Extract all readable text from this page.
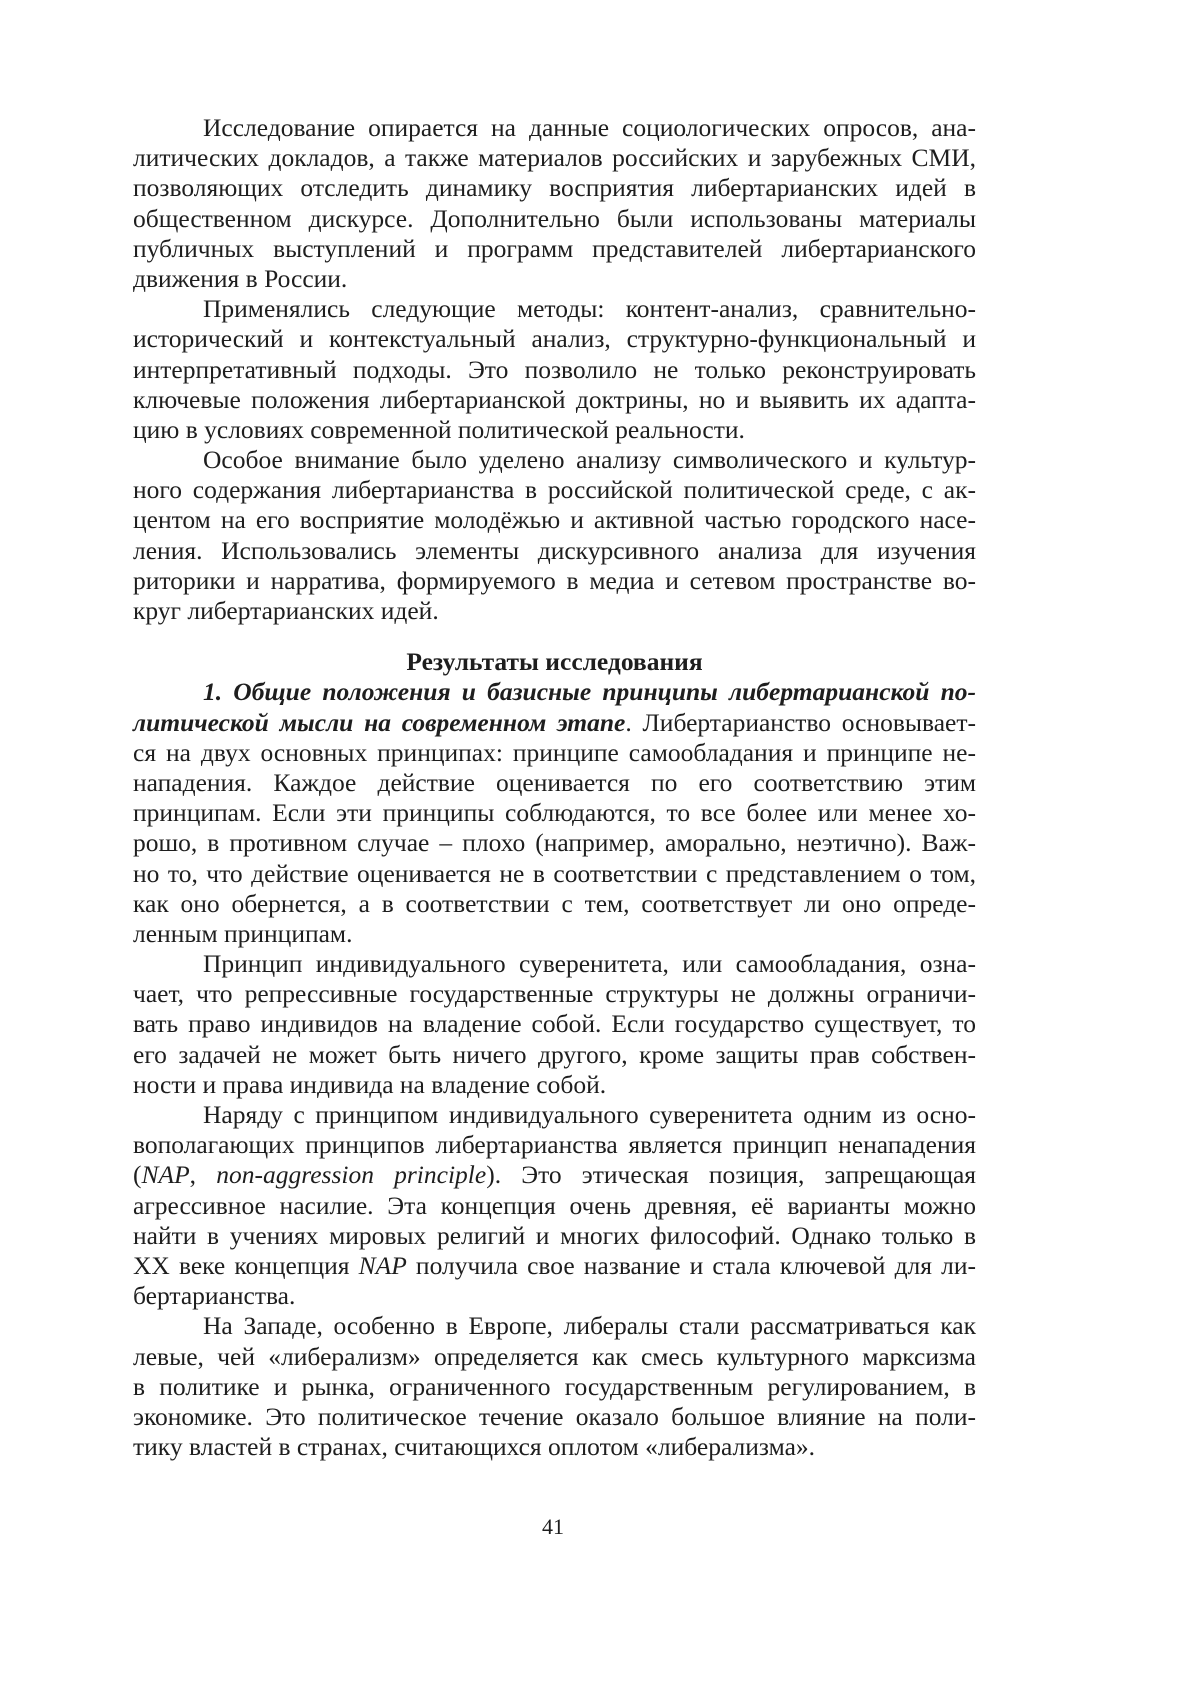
Исследование опирается на данные социологических опросов, ана-
литических докладов, а также материалов российских и зарубежных СМИ,
позволяющих отследить динамику восприятия либертарианских идей в
общественном дискурсе. Дополнительно были использованы материалы
публичных выступлений и программ представителей либертарианского
движения в России.
Применялись следующие методы: контент-анализ, сравнительно-
исторический и контекстуальный анализ, структурно-функциональный и
интерпретативный подходы. Это позволило не только реконструировать
ключевые положения либертарианской доктрины, но и выявить их адапта-
цию в условиях современной политической реальности.
Особое внимание было уделено анализу символического и культур-
ного содержания либертарианства в российской политической среде, с ак-
центом на его восприятие молодёжью и активной частью городского насе-
ления. Использовались элементы дискурсивного анализа для изучения
риторики и нарратива, формируемого в медиа и сетевом пространстве во-
круг либертарианских идей.
Результаты исследования
1. Общие положения и базисные принципы либертарианской по-
литической мысли на современном этапе. Либертарианство основывает-
ся на двух основных принципах: принципе самообладания и принципе не-
нападения. Каждое действие оценивается по его соответствию этим
принципам. Если эти принципы соблюдаются, то все более или менее хо-
рошо, в противном случае – плохо (например, аморально, неэтично). Важ-
но то, что действие оценивается не в соответствии с представлением о том,
как оно обернется, а в соответствии с тем, соответствует ли оно опреде-
ленным принципам.
Принцип индивидуального суверенитета, или самообладания, озна-
чает, что репрессивные государственные структуры не должны ограничи-
вать право индивидов на владение собой. Если государство существует, то
его задачей не может быть ничего другого, кроме защиты прав собствен-
ности и права индивида на владение собой.
Наряду с принципом индивидуального суверенитета одним из осно-
вополагающих принципов либертарианства является принцип ненападения
(NAP, non-aggression principle). Это этическая позиция, запрещающая
агрессивное насилие. Эта концепция очень древняя, её варианты можно
найти в учениях мировых религий и многих философий. Однако только в
XX веке концепция NAP получила свое название и стала ключевой для ли-
бертарианства.
На Западе, особенно в Европе, либералы стали рассматриваться как
левые, чей «либерализм» определяется как смесь культурного марксизма
в политике и рынка, ограниченного государственным регулированием, в
экономике. Это политическое течение оказало большое влияние на поли-
тику властей в странах, считающихся оплотом «либерализма».
41
